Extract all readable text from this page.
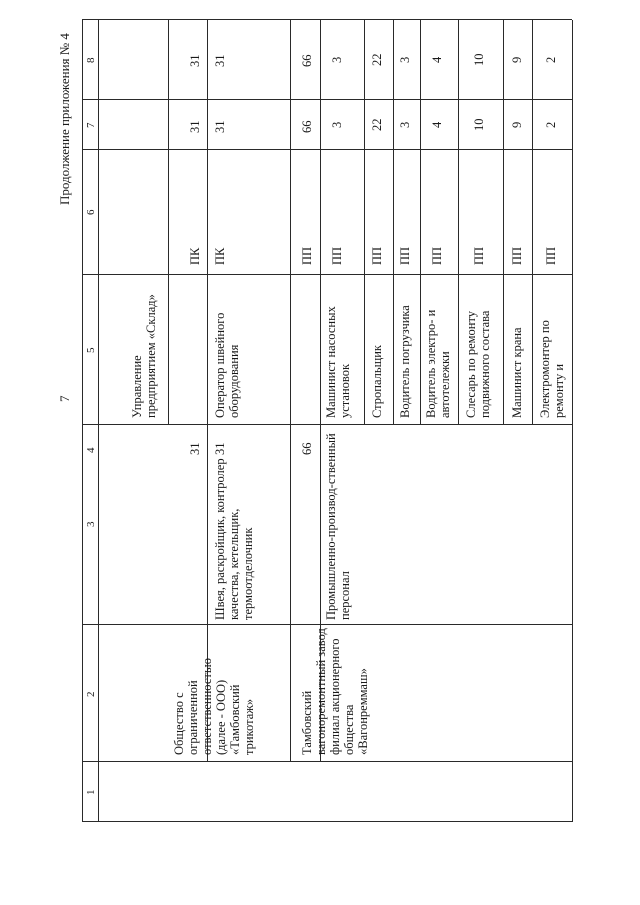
7
Продолжение приложения № 4
1
2
3
4
5
6
7
8
Управление предприятием «Склад»
Общество с ограниченной ответственностью (далее - ООО) «Тамбовский трикотаж»
31
ПК
31
31
Швея, раскройщик, контролер качества, кетельщик, термоотделочник
31
Оператор швейного оборудования
ПК
31
31
Тамбовский вагоноремонтный завод филиал акционерного общества «Вагонреммаш»
66
ПП
66
66
Промышленно-производ-ственный персонал
Машинист насосных установок
ПП
3
3
Стропальщик
ПП
22
22
Водитель погрузчика
ПП
3
3
Водитель электро- и автотележки
ПП
4
4
Слесарь по ремонту подвижного состава
ПП
10
10
Машинист крана
ПП
9
9
Электромонтер по ремонту и
ПП
2
2
